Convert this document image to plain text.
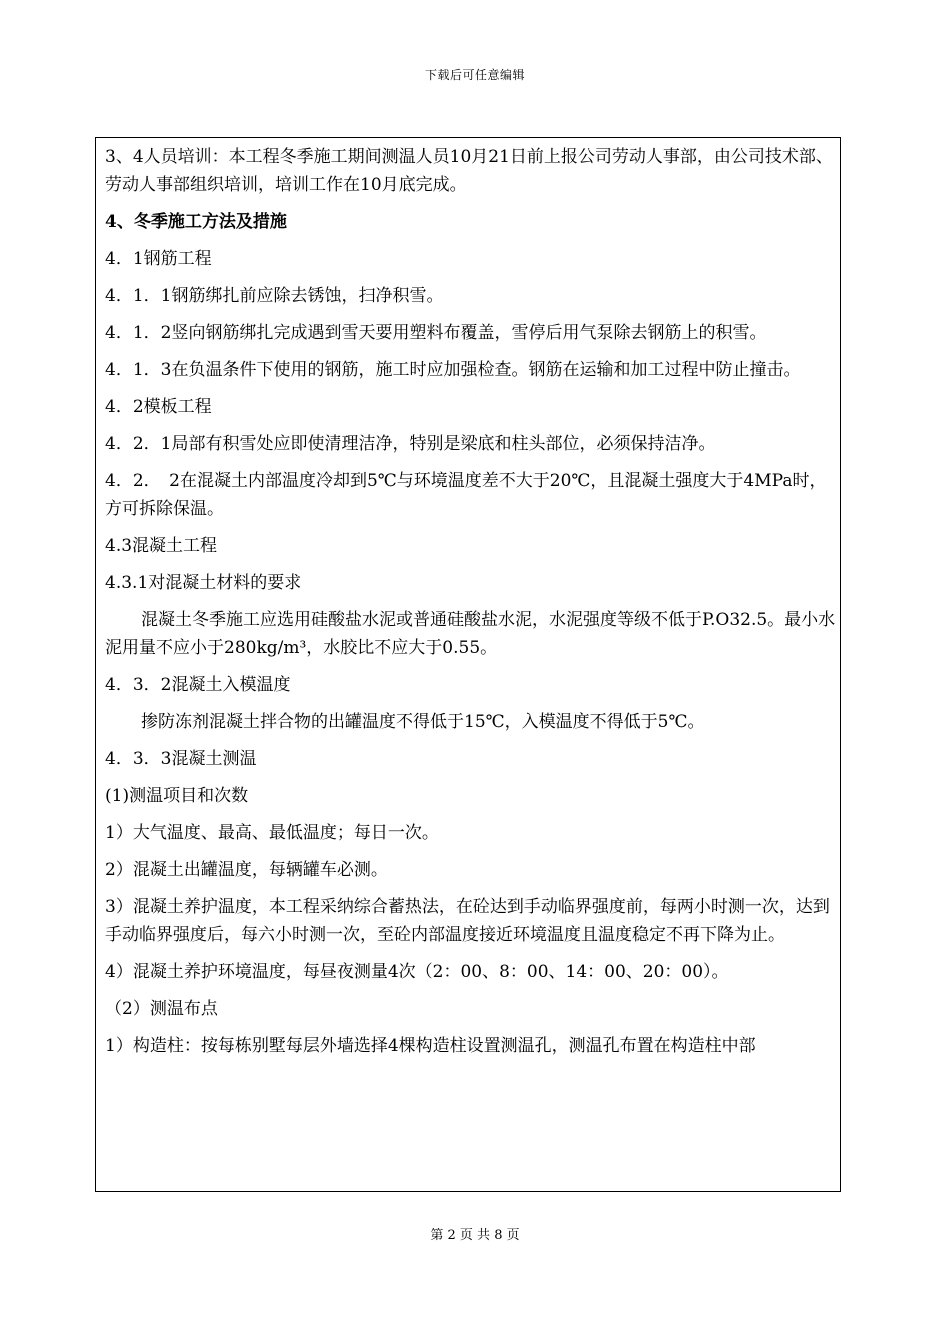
下载后可任意编辑

3、4人员培训：本工程冬季施工期间测温人员10月21日前上报公司劳动人事部，由公司技术部、劳动人事部组织培训，培训工作在10月底完成。

4、冬季施工方法及措施

4．1钢筋工程

4．1．1钢筋绑扎前应除去锈蚀，扫净积雪。

4．1．2竖向钢筋绑扎完成遇到雪天要用塑料布覆盖，雪停后用气泵除去钢筋上的积雪。

4．1．3在负温条件下使用的钢筋，施工时应加强检查。钢筋在运输和加工过程中防止撞击。

4．2模板工程

4．2．1局部有积雪处应即使清理洁净，特别是梁底和柱头部位，必须保持洁净。

4．2．　2在混凝土内部温度冷却到5℃与环境温度差不大于20℃，且混凝土强度大于4MPa时，方可拆除保温。

4.3混凝土工程

4.3.1对混凝土材料的要求

混凝土冬季施工应选用硅酸盐水泥或普通硅酸盐水泥，水泥强度等级不低于P.O32.5。最小水泥用量不应小于280kg/m³，水胶比不应大于0.55。

4．3．2混凝土入模温度

掺防冻剂混凝土拌合物的出罐温度不得低于15℃，入模温度不得低于5℃。

4．3．3混凝土测温

(1)测温项目和次数

1）大气温度、最高、最低温度；每日一次。

2）混凝土出罐温度，每辆罐车必测。

3）混凝土养护温度，本工程采纳综合蓄热法，在砼达到手动临界强度前，每两小时测一次，达到手动临界强度后，每六小时测一次，至砼内部温度接近环境温度且温度稳定不再下降为止。

4）混凝土养护环境温度，每昼夜测量4次（2：00、8：00、14：00、20：00）。

（2）测温布点

1）构造柱：按每栋别墅每层外墙选择4棵构造柱设置测温孔，测温孔布置在构造柱中部

第 2 页 共 8 页
